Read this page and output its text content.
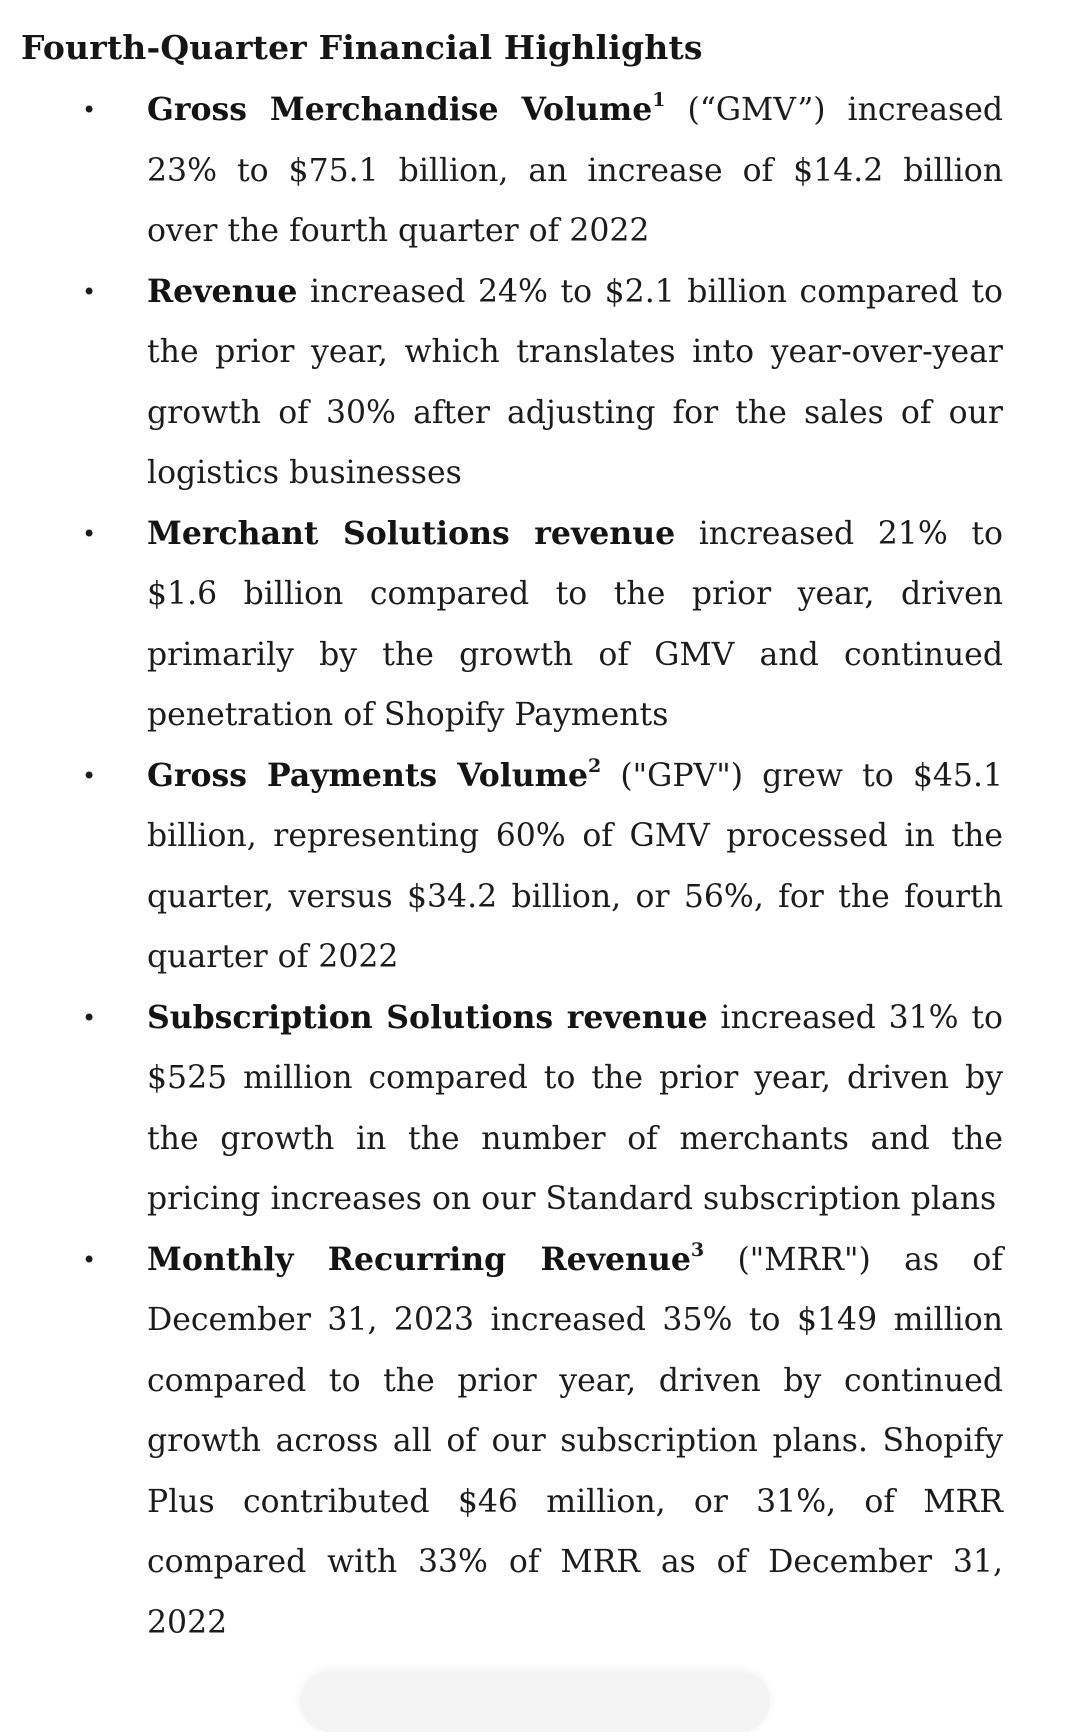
Fourth-Quarter Financial Highlights
• Gross Merchandise Volume$^1$ (“GMV”) increased 23% to $75.1 billion, an increase of $14.2 billion over the fourth quarter of 2022
• Revenue increased 24% to $2.1 billion compared to the prior year, which translates into year-over-year growth of 30% after adjusting for the sales of our logistics businesses
• Merchant Solutions revenue increased 21% to $1.6 billion compared to the prior year, driven primarily by the growth of GMV and continued penetration of Shopify Payments
• Gross Payments Volume$^2$ ("GPV") grew to $45.1 billion, representing 60% of GMV processed in the quarter, versus $34.2 billion, or 56%, for the fourth quarter of 2022
• Subscription Solutions revenue increased 31% to $525 million compared to the prior year, driven by the growth in the number of merchants and the pricing increases on our Standard subscription plans
• Monthly Recurring Revenue$^3$ ("MRR") as of December 31, 2023 increased 35% to $149 million compared to the prior year, driven by continued growth across all of our subscription plans. Shopify Plus contributed $46 million, or 31%, of MRR compared with 33% of MRR as of December 31, 2022
